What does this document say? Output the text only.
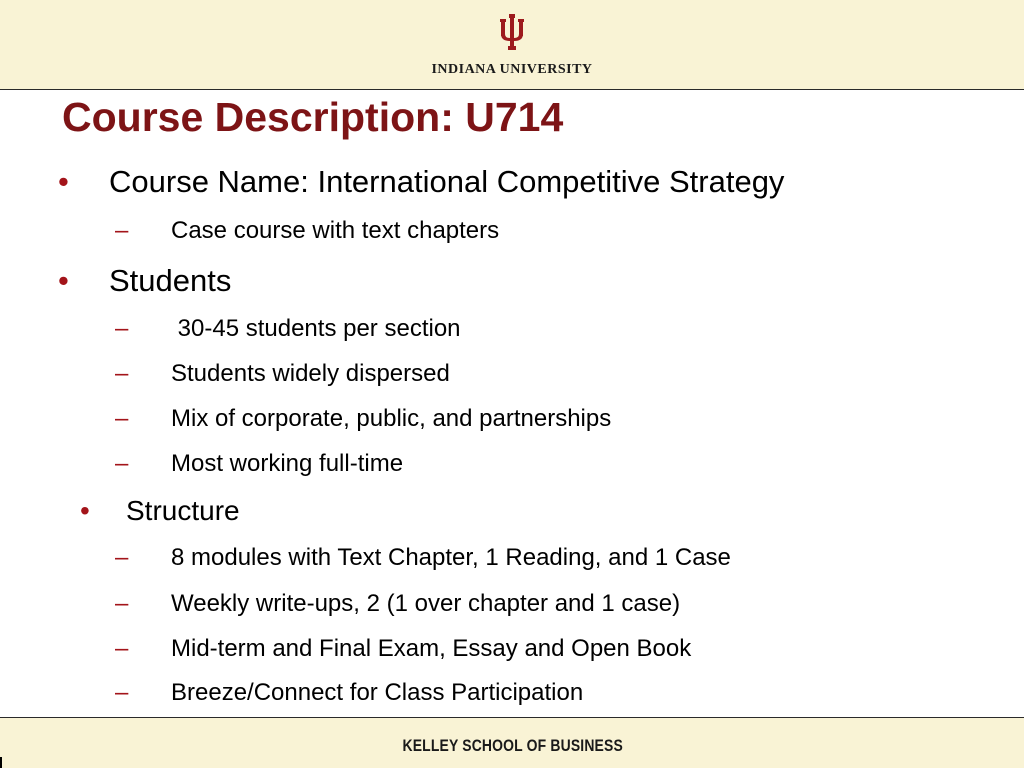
INDIANA UNIVERSITY
Course Description: U714
• Course Name: International Competitive Strategy
– Case course with text chapters
• Students
– 30-45 students per section
– Students widely dispersed
– Mix of corporate, public, and partnerships
– Most working full-time
• Structure
– 8 modules with Text Chapter, 1 Reading, and 1 Case
– Weekly write-ups, 2 (1 over chapter and 1 case)
– Mid-term and Final Exam, Essay and Open Book
– Breeze/Connect for Class Participation
KELLEY SCHOOL OF BUSINESS
